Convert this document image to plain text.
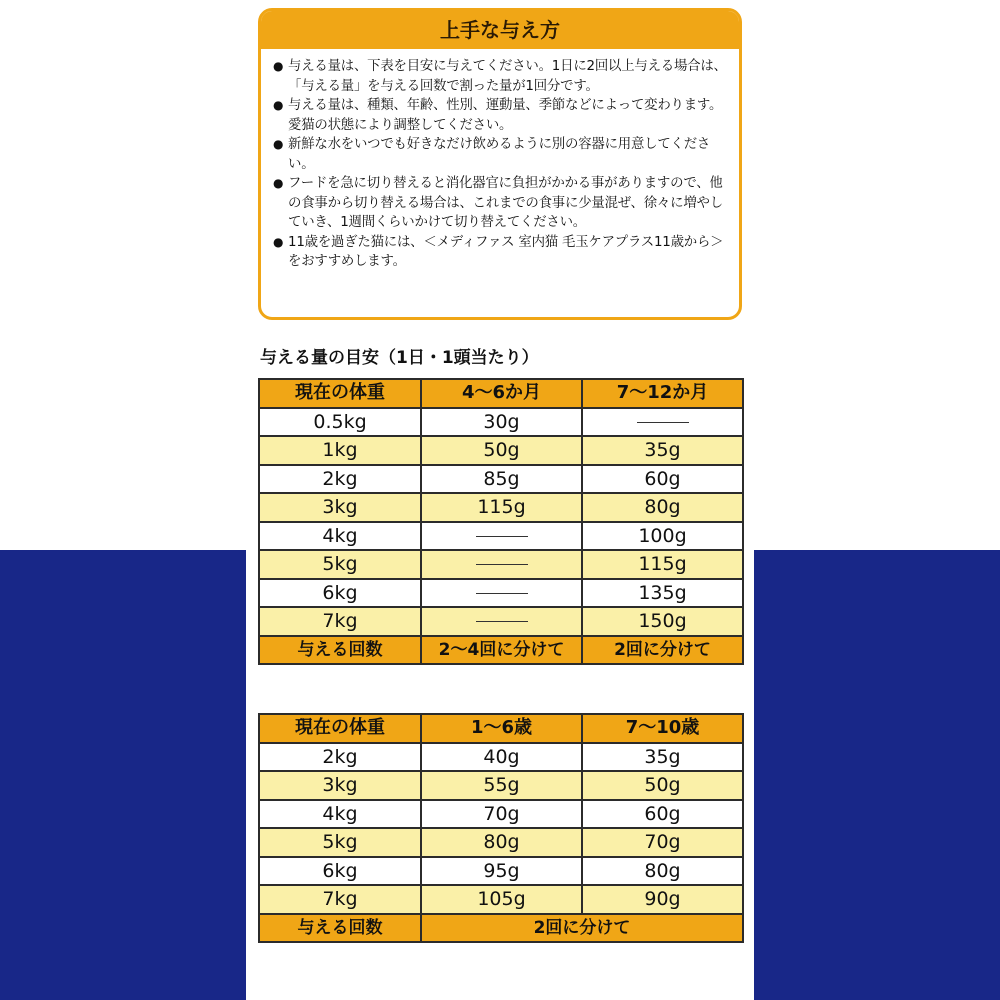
上手な与え方

● 与える量は、下表を目安に与えてください。1日に2回以上与える場合は、「与える量」を与える回数で割った量が1回分です。

● 与える量は、種類、年齢、性別、運動量、季節などによって変わります。愛猫の状態により調整してください。

● 新鮮な水をいつでも好きなだけ飲めるように別の容器に用意してください。

● フードを急に切り替えると消化器官に負担がかかる事がありますので、他の食事から切り替える場合は、これまでの食事に少量混ぜ、徐々に増やしていき、1週間くらいかけて切り替えてください。

● 11歳を過ぎた猫には、＜メディファス 室内猫 毛玉ケアプラス11歳から＞をおすすめします。

与える量の目安（1日・1頭当たり）
現在の体重	4～6か月	7～12か月
0.5kg	30g	
1kg	50g	35g
2kg	85g	60g
3kg	115g	80g
4kg		100g
5kg		115g
6kg		135g
7kg		150g
与える回数	2～4回に分けて	2回に分けて
現在の体重	1～6歳	7～10歳
2kg	40g	35g
3kg	55g	50g
4kg	70g	60g
5kg	80g	70g
6kg	95g	80g
7kg	105g	90g
与える回数	2回に分けて	
200mlカップ1杯が、約75gです。
